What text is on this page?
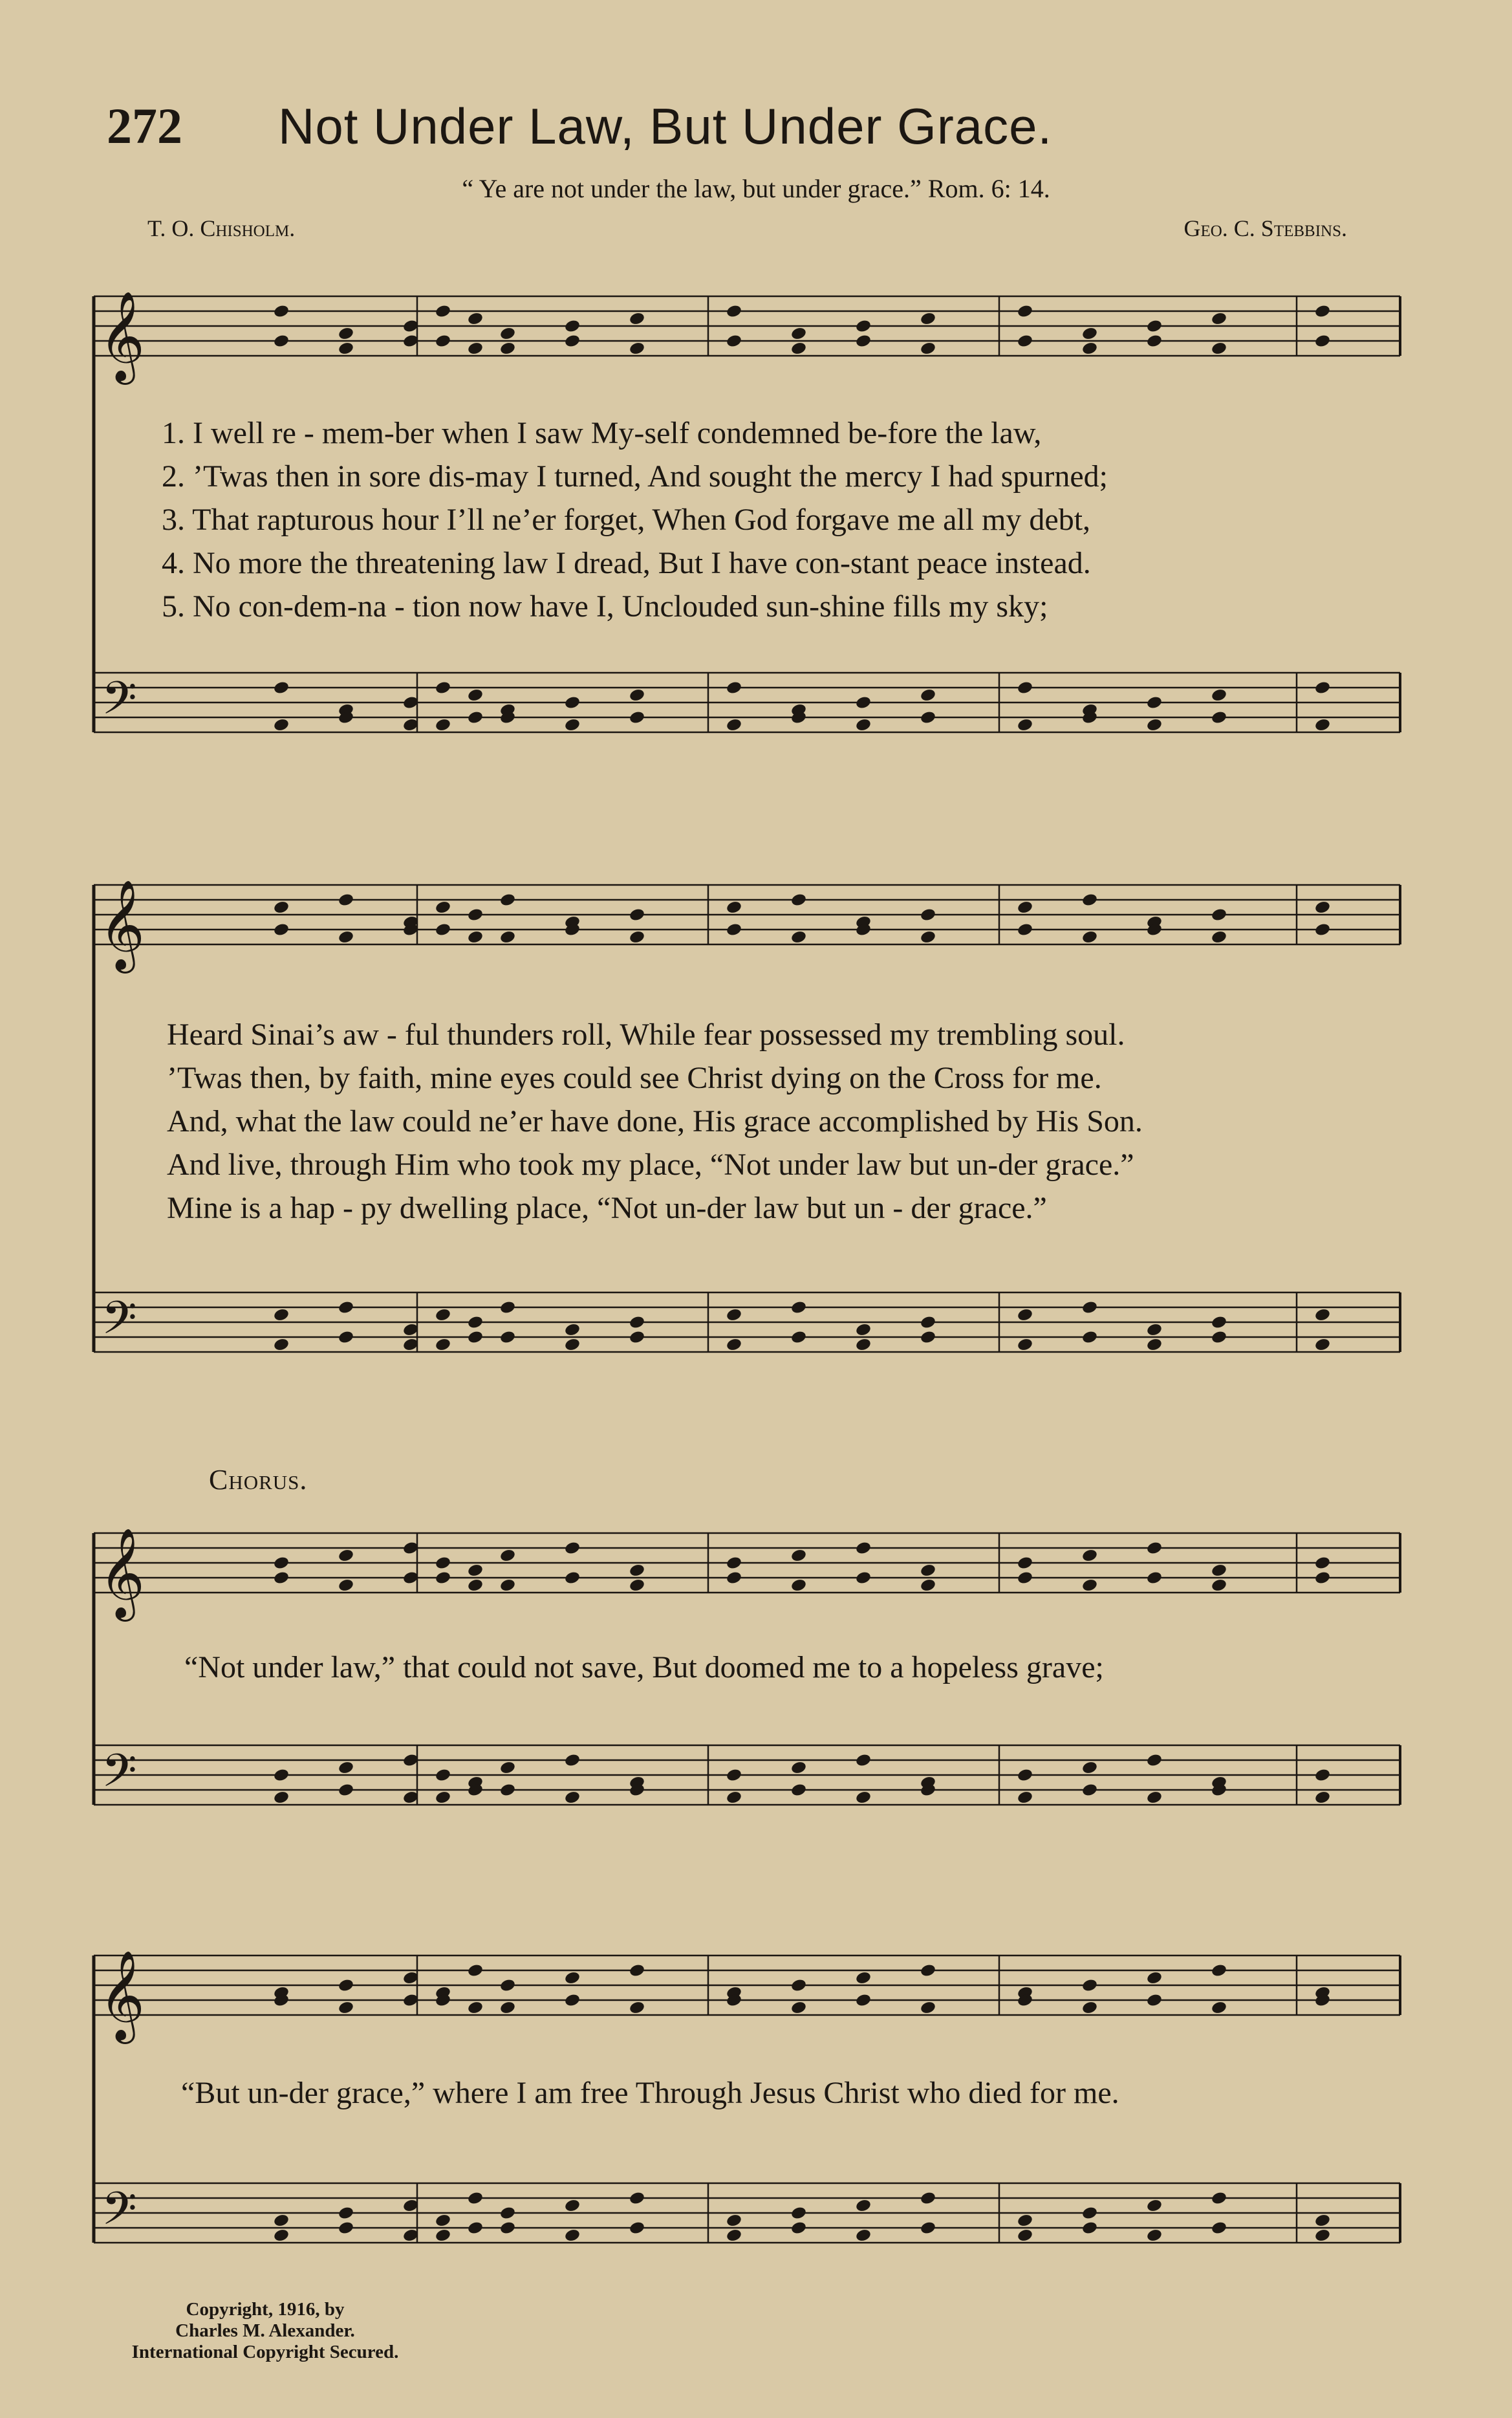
272 Not Under Law, But Under Grace.
“ Ye are not under the law, but under grace.” Rom. 6: 14.
T. O. Chisholm.	Geo. C. Stebbins.
𝄞
𝄢
𝄞
𝄢
𝄞
𝄢
𝄞
𝄢
1. I well re - mem-ber when I saw My-self condemned be-fore the law,
2. ’Twas then in sore dis-may I turned, And sought the mercy I had spurned;
3. That rapturous hour I’ll ne’er forget, When God forgave me all my debt,
4. No more the threatening law I dread, But I have con-stant peace instead.
5. No con-dem-na - tion now have I, Unclouded sun-shine fills my sky;
Heard Sinai’s aw - ful thunders roll, While fear possessed my trembling soul.
’Twas then, by faith, mine eyes could see Christ dying on the Cross for me.
And, what the law could ne’er have done, His grace accomplished by His Son.
And live, through Him who took my place, “Not under law but un-der grace.”
Mine is a hap - py dwelling place, “Not un-der law but un - der grace.”
Chorus.
“Not under law,” that could not save, But doomed me to a hopeless grave;
“But un-der grace,” where I am free Through Jesus Christ who died for me.
Copyright, 1916, by
Charles M. Alexander.
International Copyright Secured.
